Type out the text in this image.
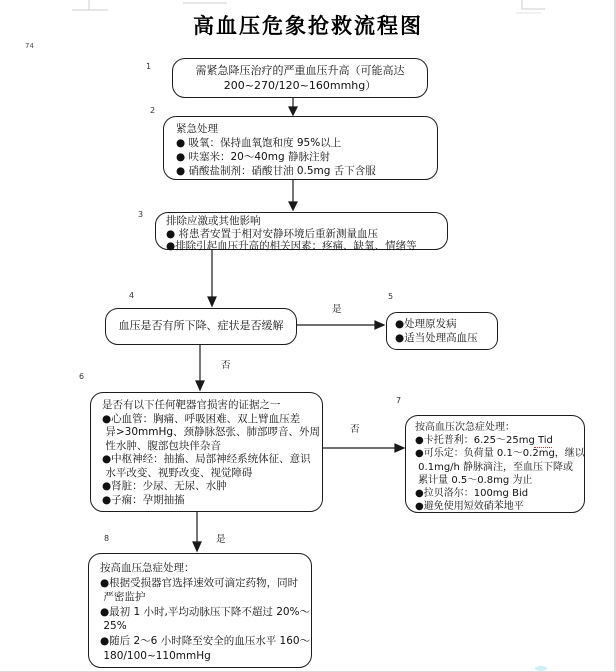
高血压危象抢救流程图
74
1
2
3
4	5
6
7
8
是
否
否
是
需紧急降压治疗的严重血压升高（可能高达
200~270/120~160mmhg）
紧急处理
● 吸氧：保持血氧饱和度 95%以上
● 呋塞米：20～40mg 静脉注射
● 硝酸盐制剂：硝酸甘油 0.5mg 舌下含服
排除应激或其他影响
● 将患者安置于相对安静环境后重新测量血压
●排除引起血压升高的相关因素：疼痛、缺氧、情绪等
血压是否有所下降、症状是否缓解	●处理原发病
●适当处理高血压
是否有以下任何靶器官损害的证据之一
●心血管：胸痛、呼吸困难、双上臂血压差
异>30mmHg、颈静脉怒张、肺部啰音、外周
性水肿、腹部包块伴杂音
●中枢神经：抽搐、局部神经系统体征、意识
水平改变、视野改变、视觉障碍
●肾脏：少尿、无尿、水肿
●子痫：孕期抽搐
按高血压次急症处理：
●卡托普利：6.25～25mg Tid
●可乐定：负荷量 0.1～0.2mg，继以
0.1mg/h 静脉滴注，至血压下降或
累计量 0.5～0.8mg 为止
●拉贝洛尔：100mg Bid
●避免使用短效硝苯地平
按高血压急症处理：
●根据受损器官选择速效可滴定药物，同时
严密监护
●最初 1 小时,平均动脉压下降不超过 20%～
25%
●随后 2～6 小时降至安全的血压水平 160～
180/100~110mmHg
